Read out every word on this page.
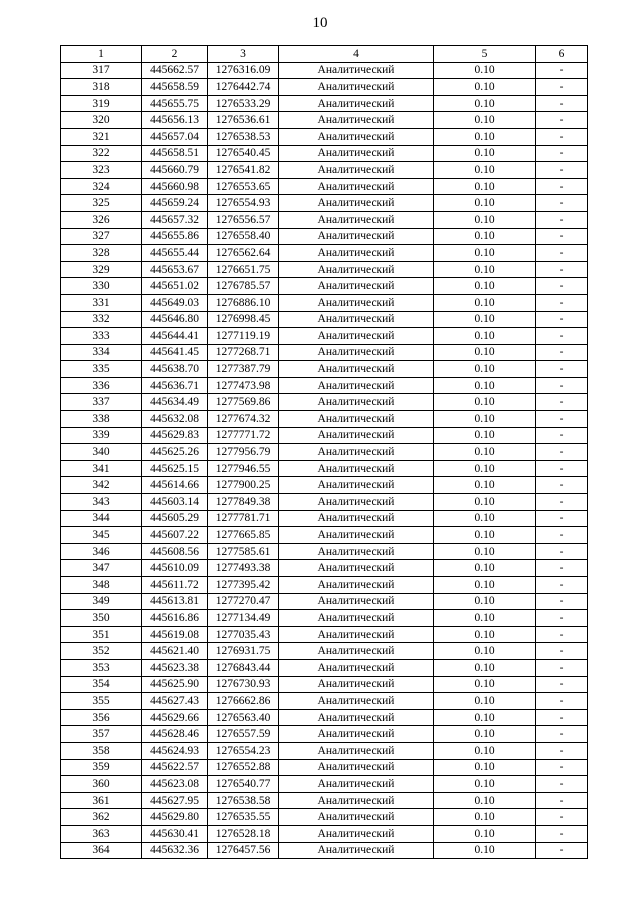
10
1	2	3	4	5	6
317	445662.57	1276316.09	Аналитический	0.10	-
318	445658.59	1276442.74	Аналитический	0.10	-
319	445655.75	1276533.29	Аналитический	0.10	-
320	445656.13	1276536.61	Аналитический	0.10	-
321	445657.04	1276538.53	Аналитический	0.10	-
322	445658.51	1276540.45	Аналитический	0.10	-
323	445660.79	1276541.82	Аналитический	0.10	-
324	445660.98	1276553.65	Аналитический	0.10	-
325	445659.24	1276554.93	Аналитический	0.10	-
326	445657.32	1276556.57	Аналитический	0.10	-
327	445655.86	1276558.40	Аналитический	0.10	-
328	445655.44	1276562.64	Аналитический	0.10	-
329	445653.67	1276651.75	Аналитический	0.10	-
330	445651.02	1276785.57	Аналитический	0.10	-
331	445649.03	1276886.10	Аналитический	0.10	-
332	445646.80	1276998.45	Аналитический	0.10	-
333	445644.41	1277119.19	Аналитический	0.10	-
334	445641.45	1277268.71	Аналитический	0.10	-
335	445638.70	1277387.79	Аналитический	0.10	-
336	445636.71	1277473.98	Аналитический	0.10	-
337	445634.49	1277569.86	Аналитический	0.10	-
338	445632.08	1277674.32	Аналитический	0.10	-
339	445629.83	1277771.72	Аналитический	0.10	-
340	445625.26	1277956.79	Аналитический	0.10	-
341	445625.15	1277946.55	Аналитический	0.10	-
342	445614.66	1277900.25	Аналитический	0.10	-
343	445603.14	1277849.38	Аналитический	0.10	-
344	445605.29	1277781.71	Аналитический	0.10	-
345	445607.22	1277665.85	Аналитический	0.10	-
346	445608.56	1277585.61	Аналитический	0.10	-
347	445610.09	1277493.38	Аналитический	0.10	-
348	445611.72	1277395.42	Аналитический	0.10	-
349	445613.81	1277270.47	Аналитический	0.10	-
350	445616.86	1277134.49	Аналитический	0.10	-
351	445619.08	1277035.43	Аналитический	0.10	-
352	445621.40	1276931.75	Аналитический	0.10	-
353	445623.38	1276843.44	Аналитический	0.10	-
354	445625.90	1276730.93	Аналитический	0.10	-
355	445627.43	1276662.86	Аналитический	0.10	-
356	445629.66	1276563.40	Аналитический	0.10	-
357	445628.46	1276557.59	Аналитический	0.10	-
358	445624.93	1276554.23	Аналитический	0.10	-
359	445622.57	1276552.88	Аналитический	0.10	-
360	445623.08	1276540.77	Аналитический	0.10	-
361	445627.95	1276538.58	Аналитический	0.10	-
362	445629.80	1276535.55	Аналитический	0.10	-
363	445630.41	1276528.18	Аналитический	0.10	-
364	445632.36	1276457.56	Аналитический	0.10	-
